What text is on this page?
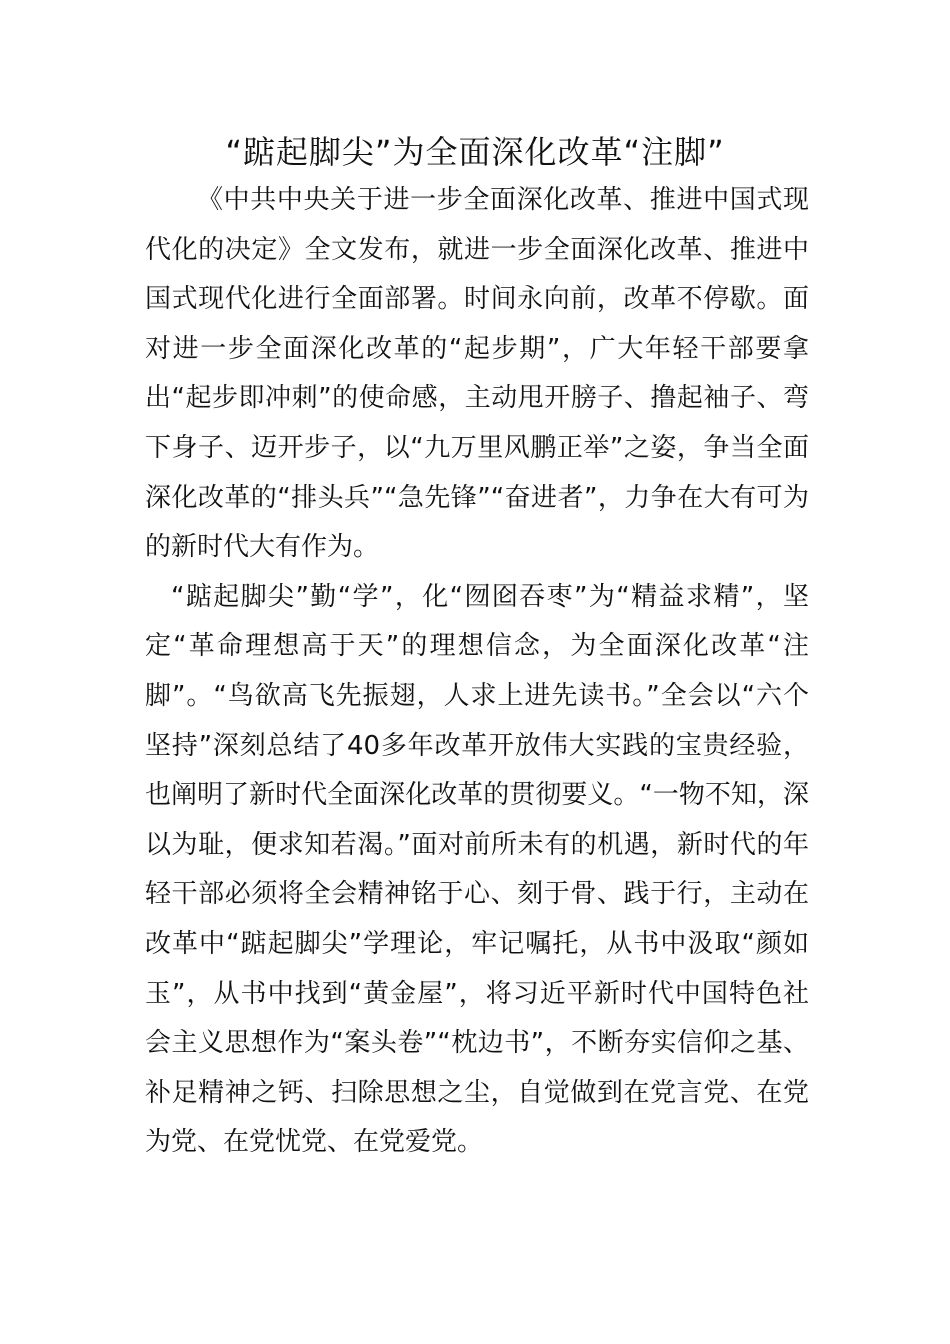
“踮起脚尖”为全面深化改革“注脚”

《中共中央关于进一步全面深化改革、推进中国式现代化的决定》全文发布，就进一步全面深化改革、推进中国式现代化进行全面部署。时间永向前，改革不停歇。面对进一步全面深化改革的“起步期”，广大年轻干部要拿出“起步即冲刺”的使命感，主动甩开膀子、撸起袖子、弯下身子、迈开步子，以“九万里风鹏正举”之姿，争当全面深化改革的“排头兵”“急先锋”“奋进者”，力争在大有可为的新时代大有作为。

“踮起脚尖”勤“学”，化“囫囵吞枣”为“精益求精”，坚定“革命理想高于天”的理想信念，为全面深化改革“注脚”。“鸟欲高飞先振翅，人求上进先读书。”全会以“六个坚持”深刻总结了40多年改革开放伟大实践的宝贵经验，也阐明了新时代全面深化改革的贯彻要义。“一物不知，深以为耻，便求知若渴。”面对前所未有的机遇，新时代的年轻干部必须将全会精神铭于心、刻于骨、践于行，主动在改革中“踮起脚尖”学理论，牢记嘱托，从书中汲取“颜如玉”，从书中找到“黄金屋”，将习近平新时代中国特色社会主义思想作为“案头卷”“枕边书”，不断夯实信仰之基、补足精神之钙、扫除思想之尘，自觉做到在党言党、在党为党、在党忧党、在党爱党。
